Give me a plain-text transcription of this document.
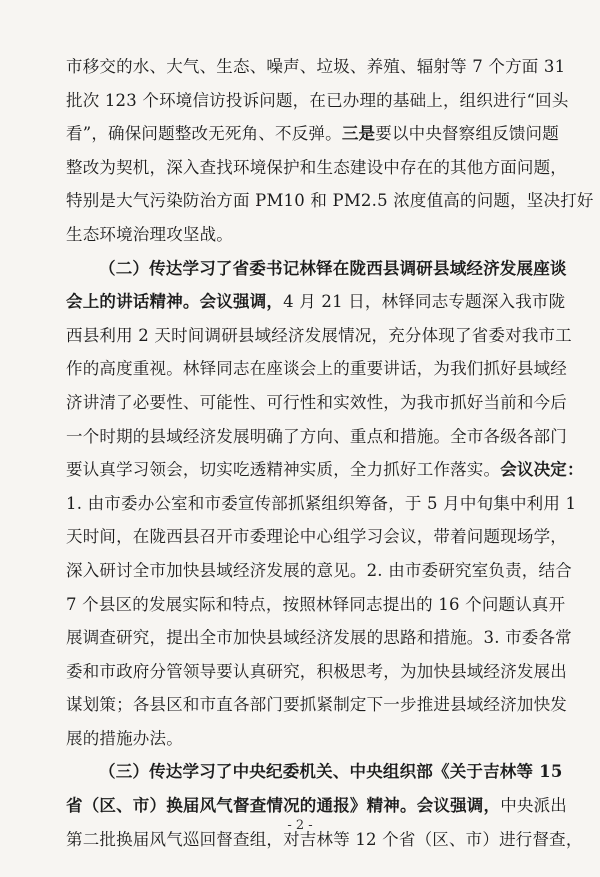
市移交的水、大气、生态、噪声、垃圾、养殖、辐射等 7 个方面 31
批次 123 个环境信访投诉问题，在已办理的基础上，组织进行“回头
看”，确保问题整改无死角、不反弹。三是要以中央督察组反馈问题
整改为契机，深入查找环境保护和生态建设中存在的其他方面问题，
特别是大气污染防治方面 PM10 和 PM2.5 浓度值高的问题，坚决打好
生态环境治理攻坚战。
（二）传达学习了省委书记林铎在陇西县调研县域经济发展座谈
会上的讲话精神。会议强调，4 月 21 日，林铎同志专题深入我市陇
西县利用 2 天时间调研县域经济发展情况，充分体现了省委对我市工
作的高度重视。林铎同志在座谈会上的重要讲话，为我们抓好县域经
济讲清了必要性、可能性、可行性和实效性，为我市抓好当前和今后
一个时期的县域经济发展明确了方向、重点和措施。全市各级各部门
要认真学习领会，切实吃透精神实质，全力抓好工作落实。会议决定：
1. 由市委办公室和市委宣传部抓紧组织筹备，于 5 月中旬集中利用 1
天时间，在陇西县召开市委理论中心组学习会议，带着问题现场学，
深入研讨全市加快县域经济发展的意见。2. 由市委研究室负责，结合
7 个县区的发展实际和特点，按照林铎同志提出的 16 个问题认真开
展调查研究，提出全市加快县域经济发展的思路和措施。3. 市委各常
委和市政府分管领导要认真研究，积极思考，为加快县域经济发展出
谋划策；各县区和市直各部门要抓紧制定下一步推进县域经济加快发
展的措施办法。
（三）传达学习了中央纪委机关、中央组织部《关于吉林等 15
省（区、市）换届风气督查情况的通报》精神。会议强调，中央派出
第二批换届风气巡回督查组，对吉林等 12 个省（区、市）进行督查，
- 2 -
